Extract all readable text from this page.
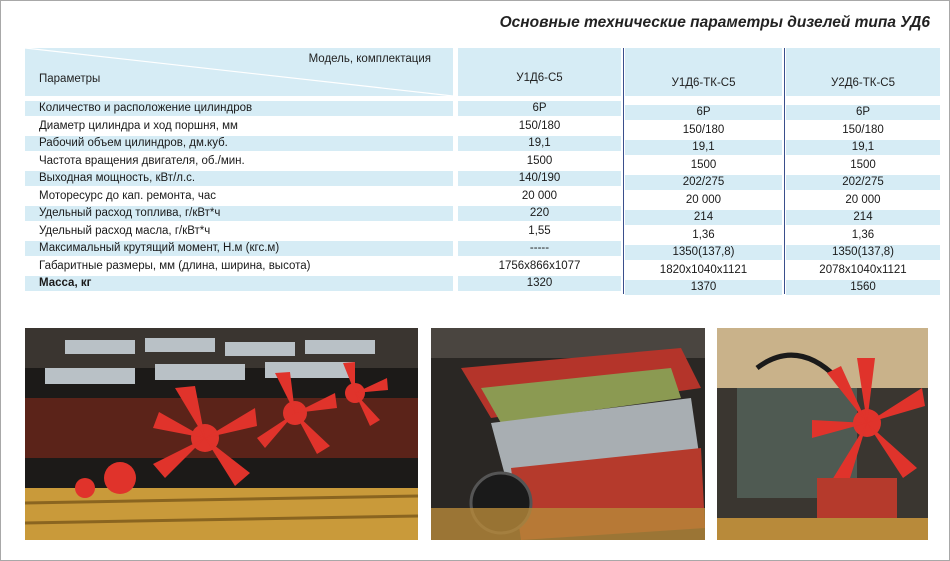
Основные технические параметры дизелей типа УД6
Модель, комплектация
Параметры	У1Д6-С5	У1Д6-ТК-С5	У2Д6-ТК-С5
Количество и расположение цилиндров	6Р	6Р	6Р
Диаметр цилиндра и ход поршня, мм	150/180	150/180	150/180
Рабочий объем цилиндров, дм.куб.	19,1	19,1	19,1
Частота вращения двигателя, об./мин.	1500	1500	1500
Выходная мощность, кВт/л.с.	140/190	202/275	202/275
Моторесурс до кап. ремонта, час	20 000	20 000	20 000
Удельный расход топлива, г/кВт*ч	220	214	214
Удельный расход масла, г/кВт*ч	1,55	1,36	1,36
Максимальный крутящий момент, Н.м (кгс.м)	-----	1350(137,8)	1350(137,8)
Габаритные размеры, мм (длина, ширина, высота)	1756x866x1077	1820x1040x1121	2078x1040x1121
Масса, кг	1320	1370	1560
